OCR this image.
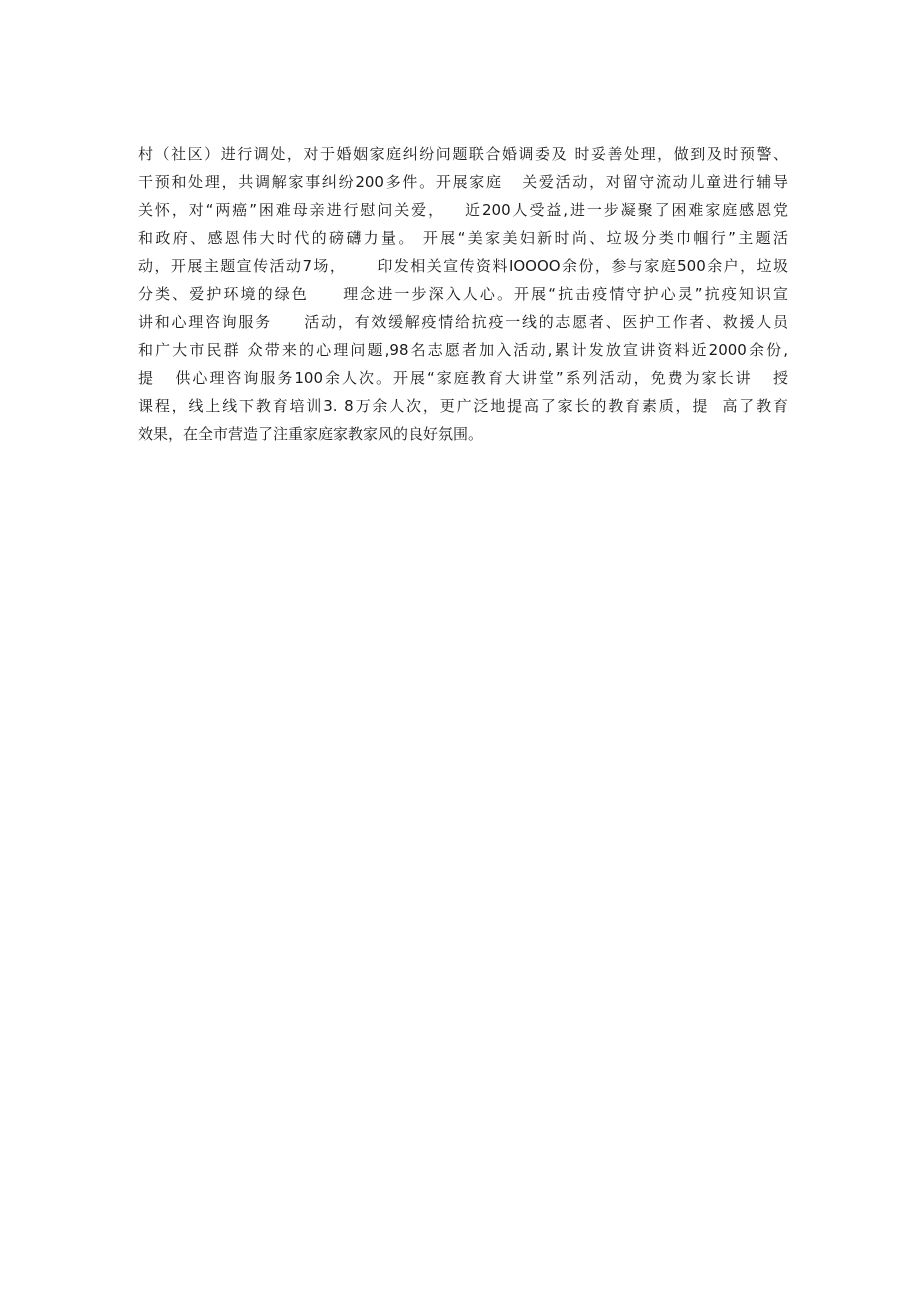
村（社区）进行调处，对于婚姻家庭纠纷问题联合婚调委及 时妥善处理，做到及时预警、
干预和处理，共调解家事纠纷200多件。开展家庭   关爱活动，对留守流动儿童进行辅导
关怀，对“两癌”困难母亲进行慰问关爱，   近200人受益,进一步凝聚了困难家庭感恩党
和政府、感恩伟大时代的磅礴力量。 开展“美家美妇新时尚、垃圾分类巾帼行”主题活
动，开展主题宣传活动7场，     印发相关宣传资料IOOOO余份，参与家庭500余户，垃圾
分类、爱护环境的绿色     理念进一步深入人心。开展“抗击疫情守护心灵”抗疫知识宣
讲和心理咨询服务     活动，有效缓解疫情给抗疫一线的志愿者、医护工作者、救援人员
和广大市民群 众带来的心理问题,98名志愿者加入活动,累计发放宣讲资料近2000余份,
提   供心理咨询服务100余人次。开展“家庭教育大讲堂”系列活动，免费为家长讲   授
课程，线上线下教育培训3. 8万余人次，更广泛地提高了家长的教育素质，提  高了教育
效果，在全市营造了注重家庭家教家风的良好氛围。
